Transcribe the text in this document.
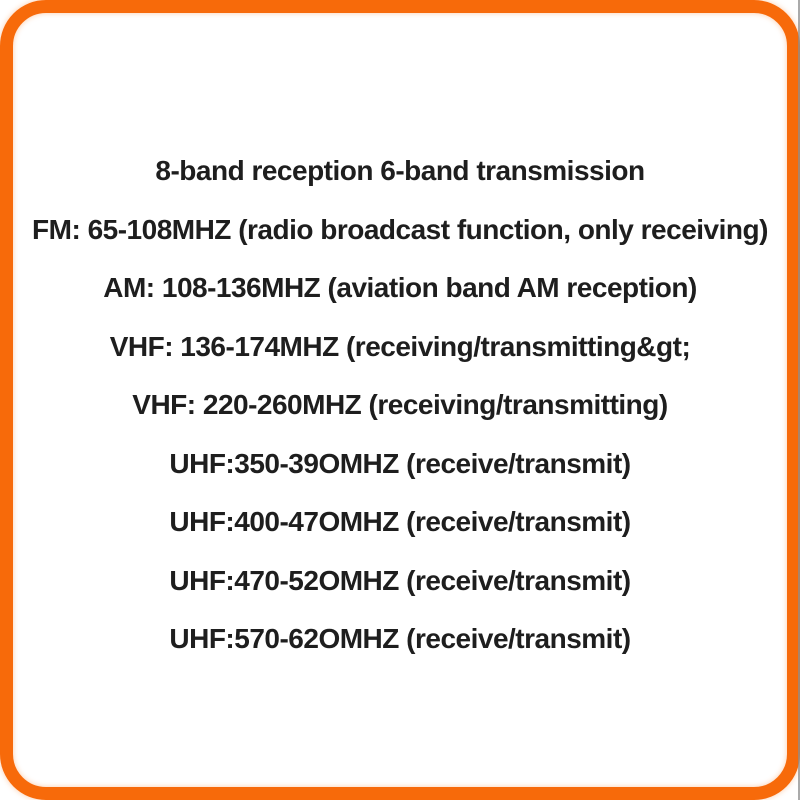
8-band reception 6-band transmission
FM: 65-108MHZ (radio broadcast function, only receiving)
AM: 108-136MHZ (aviation band AM reception)
VHF: 136-174MHZ (receiving/transmitting&gt;
VHF: 220-260MHZ (receiving/transmitting)
UHF:350-39OMHZ (receive/transmit)
UHF:400-47OMHZ (receive/transmit)
UHF:470-52OMHZ (receive/transmit)
UHF:570-62OMHZ (receive/transmit)
